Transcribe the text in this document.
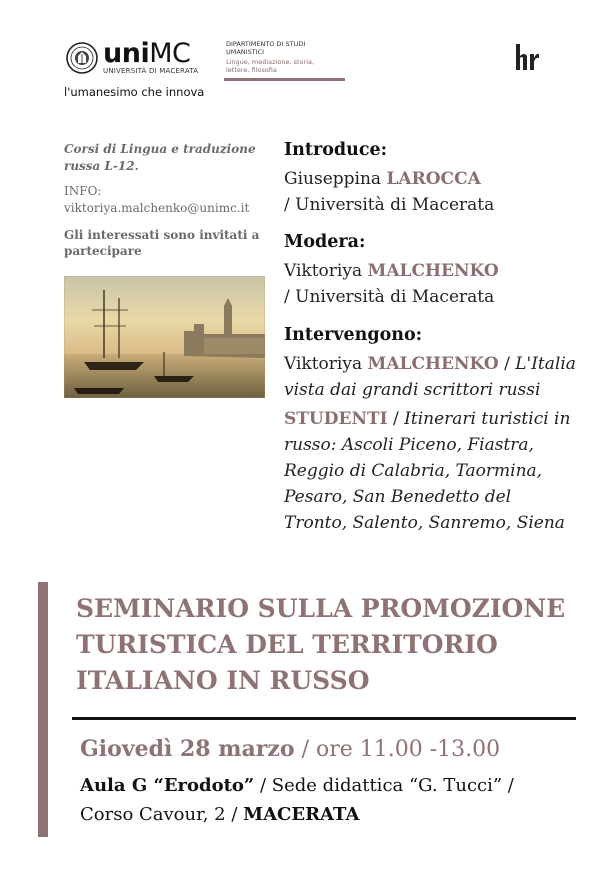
uniMC
UNIVERSITÀ DI MACERATA
l'umanesimo che innova
DIPARTIMENTO DI STUDI UMANISTICI
Lingue, mediazione, storia, lettere, filosofia

Corsi di Lingua e traduzione russa L-12.
INFO:
viktoriya.malchenko@unimc.it
Gli interessati sono invitati a partecipare
Introduce:
Giuseppina LAROCCA
/ Università di Macerata
Modera:
Viktoriya MALCHENKO
/ Università di Macerata
Intervengono:
Viktoriya MALCHENKO / L'Italia
vista dai grandi scrittori russi
STUDENTI / Itinerari turistici in
russo: Ascoli Piceno, Fiastra,
Reggio di Calabria, Taormina,
Pesaro, San Benedetto del
Tronto, Salento, Sanremo, Siena
SEMINARIO SULLA PROMOZIONE
TURISTICA DEL TERRITORIO
ITALIANO IN RUSSO
Giovedì 28 marzo / ore 11.00 -13.00
Aula G “Erodoto” / Sede didattica “G. Tucci” /
Corso Cavour, 2 / MACERATA
